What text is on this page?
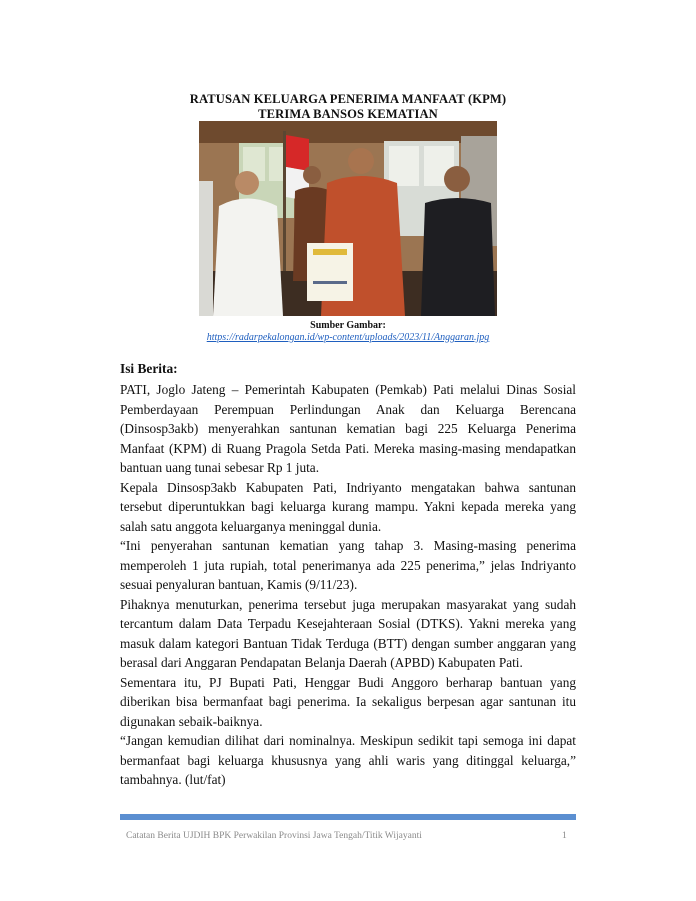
RATUSAN KELUARGA PENERIMA MANFAAT (KPM)
TERIMA BANSOS KEMATIAN
Sumber Gambar:
https://radarpekalongan.id/wp-content/uploads/2023/11/Anggaran.jpg
Isi Berita:

PATI, Joglo Jateng – Pemerintah Kabupaten (Pemkab) Pati melalui Dinas Sosial Pemberdayaan Perempuan Perlindungan Anak dan Keluarga Berencana (Dinsosp3akb) menyerahkan santunan kematian bagi 225 Keluarga Penerima Manfaat (KPM) di Ruang Pragola Setda Pati. Mereka masing-masing mendapatkan bantuan uang tunai sebesar Rp 1 juta.

Kepala Dinsosp3akb Kabupaten Pati, Indriyanto mengatakan bahwa santunan tersebut diperuntukkan bagi keluarga kurang mampu. Yakni kepada mereka yang salah satu anggota keluarganya meninggal dunia.

“Ini penyerahan santunan kematian yang tahap 3. Masing-masing penerima memperoleh 1 juta rupiah, total penerimanya ada 225 penerima,” jelas Indriyanto sesuai penyaluran bantuan, Kamis (9/11/23).

Pihaknya menuturkan, penerima tersebut juga merupakan masyarakat yang sudah tercantum dalam Data Terpadu Kesejahteraan Sosial (DTKS). Yakni mereka yang masuk dalam kategori Bantuan Tidak Terduga (BTT) dengan sumber anggaran yang berasal dari Anggaran Pendapatan Belanja Daerah (APBD) Kabupaten Pati.

Sementara itu, PJ Bupati Pati, Henggar Budi Anggoro berharap bantuan yang diberikan bisa bermanfaat bagi penerima. Ia sekaligus berpesan agar santunan itu digunakan sebaik-baiknya.

“Jangan kemudian dilihat dari nominalnya. Meskipun sedikit tapi semoga ini dapat bermanfaat bagi keluarga khususnya yang ahli waris yang ditinggal keluarga,” tambahnya. (lut/fat)

Catatan Berita UJDIH BPK Perwakilan Provinsi Jawa Tengah/Titik Wijayanti	1
